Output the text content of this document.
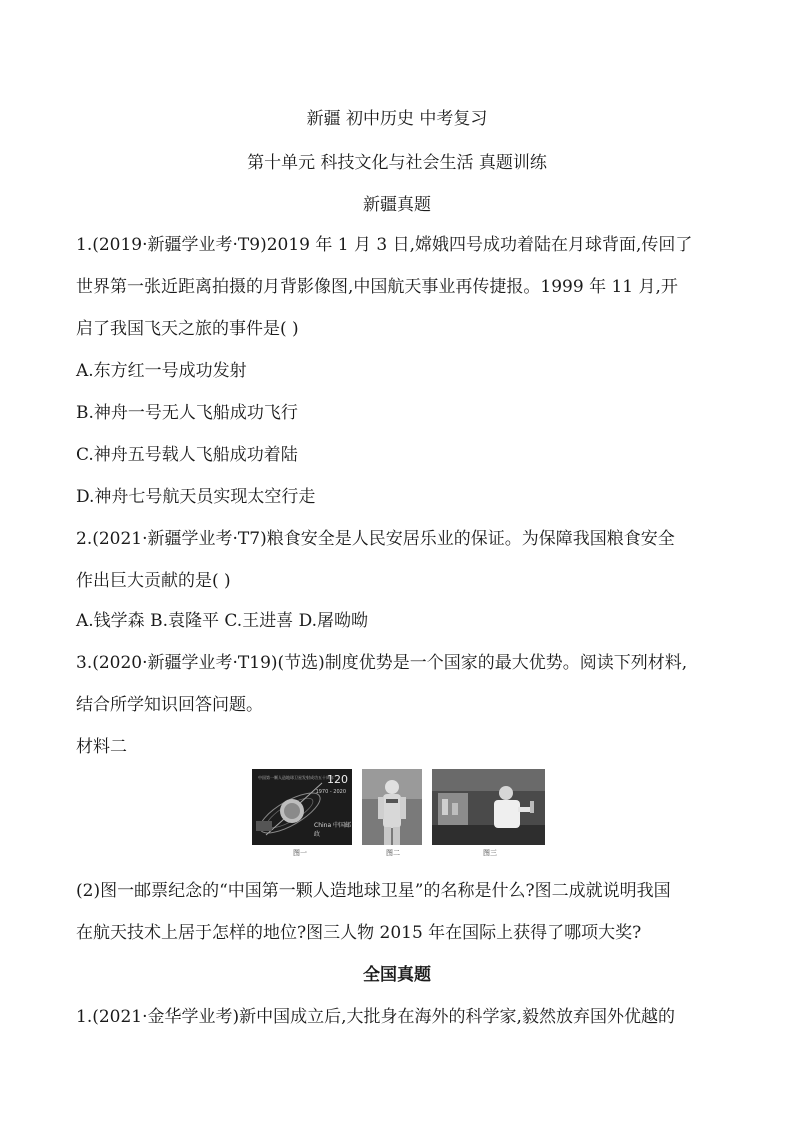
新疆 初中历史 中考复习
第十单元 科技文化与社会生活 真题训练
新疆真题
1.(2019·新疆学业考·T9)2019 年 1 月 3 日,嫦娥四号成功着陆在月球背面,传回了
世界第一张近距离拍摄的月背影像图,中国航天事业再传捷报。1999 年 11 月,开
启了我国飞天之旅的事件是( )
A.东方红一号成功发射
B.神舟一号无人飞船成功飞行
C.神舟五号载人飞船成功着陆
D.神舟七号航天员实现太空行走
2.(2021·新疆学业考·T7)粮食安全是人民安居乐业的保证。为保障我国粮食安全
作出巨大贡献的是( )
A.钱学森 B.袁隆平 C.王进喜 D.屠呦呦
3.(2020·新疆学业考·T19)(节选)制度优势是一个国家的最大优势。阅读下列材料,
结合所学知识回答问题。
材料二
中国第一颗人造地球卫星发射成功五十周年
120
1970 - 2020
China 中国邮政
图一	图二	图三
(2)图一邮票纪念的“中国第一颗人造地球卫星”的名称是什么?图二成就说明我国
在航天技术上居于怎样的地位?图三人物 2015 年在国际上获得了哪项大奖?
全国真题
1.(2021·金华学业考)新中国成立后,大批身在海外的科学家,毅然放弃国外优越的
